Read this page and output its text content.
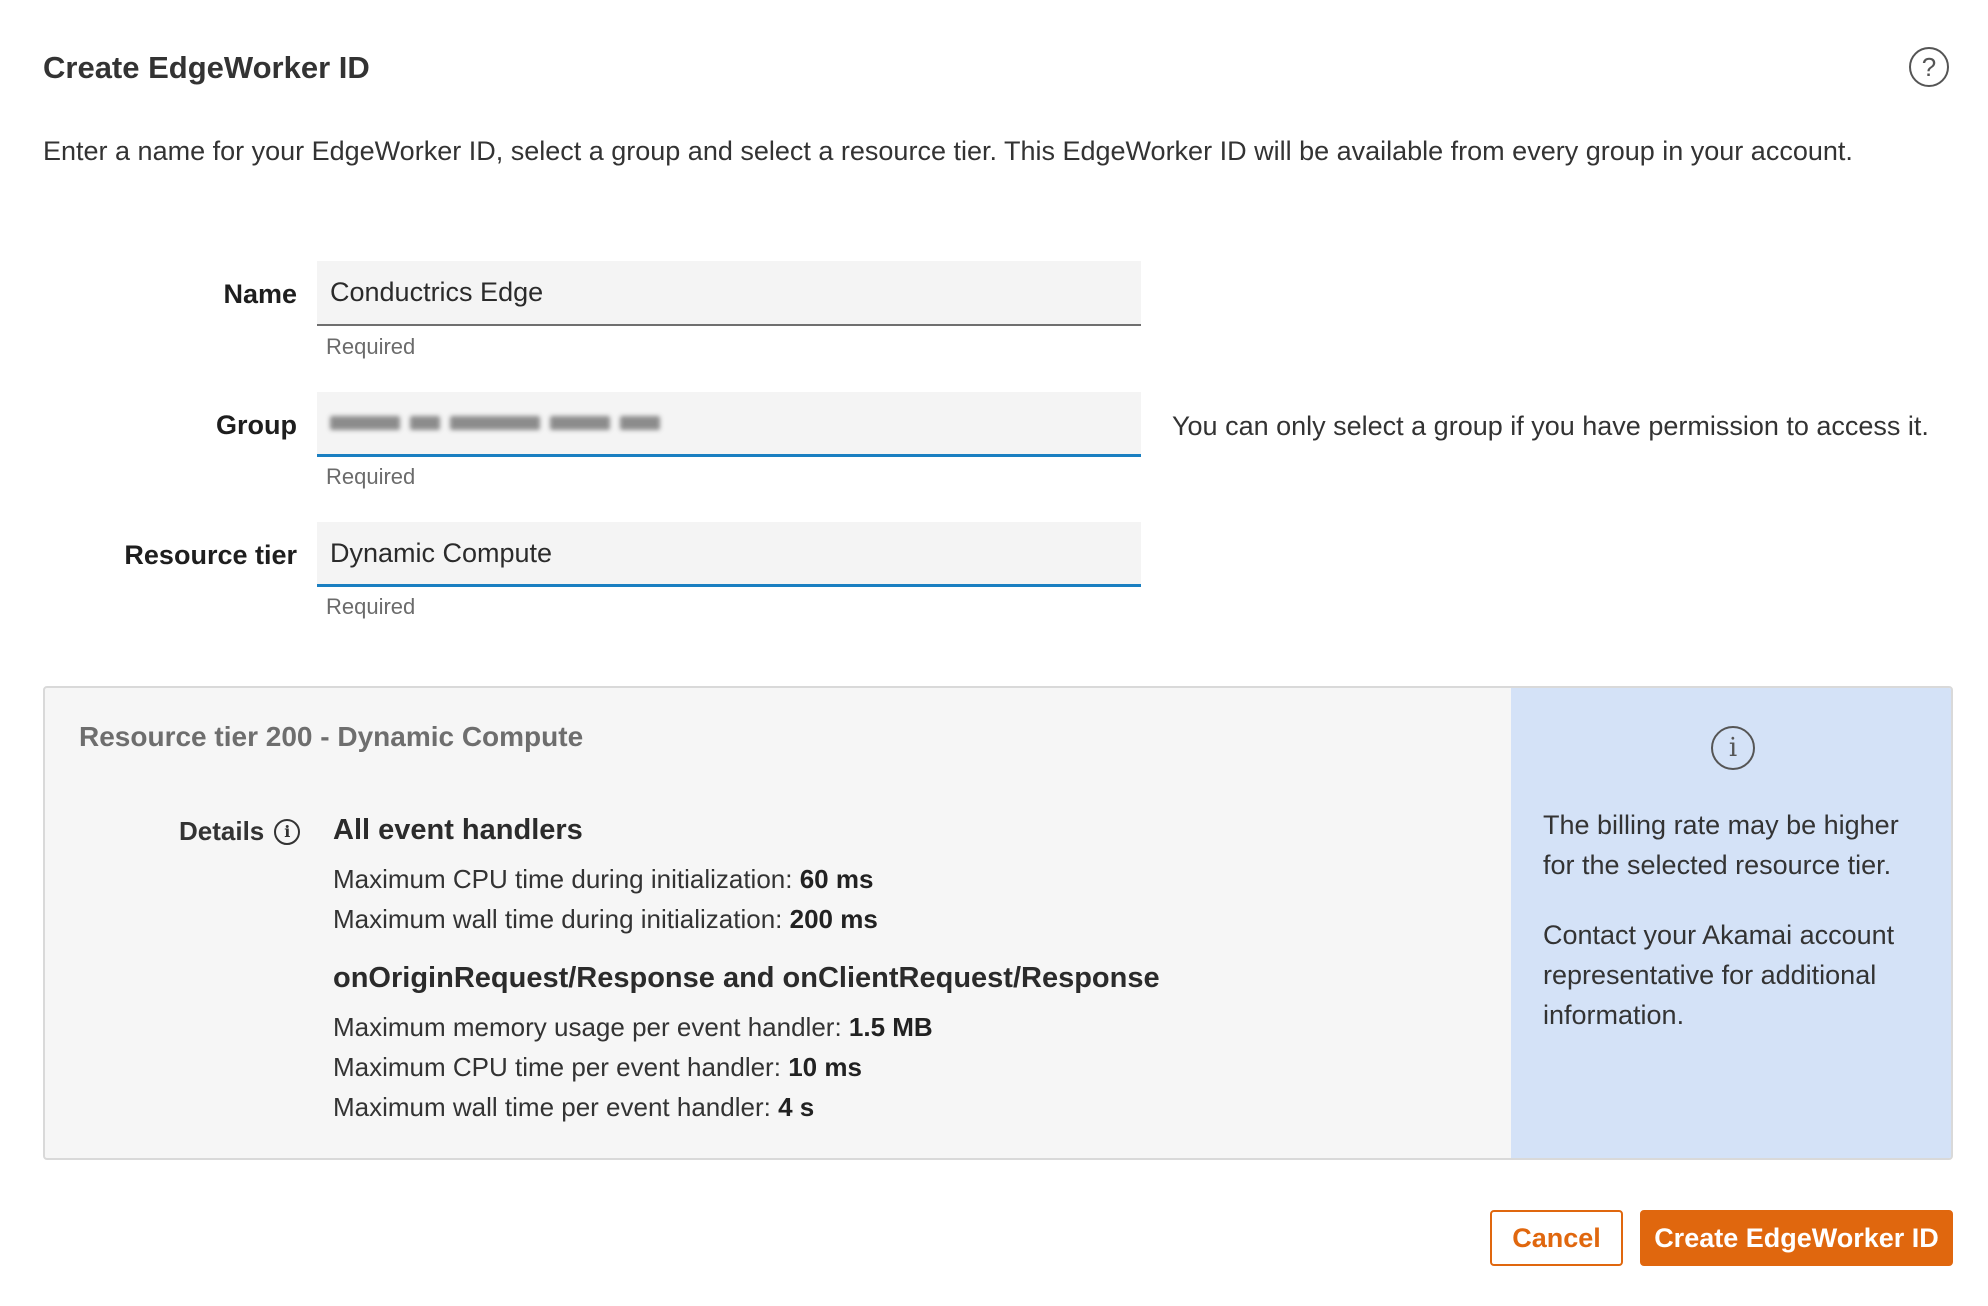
Create EdgeWorker ID	?

Enter a name for your EdgeWorker ID, select a group and select a resource tier. This EdgeWorker ID will be available from every group in your account.

Name Conductrics Edge
Required
Group
Required
You can only select a group if you have permission to access it.
Resource tier Dynamic Compute
Required
Resource tier 200 - Dynamic Compute
Details	i	All event handlers
Maximum CPU time during initialization: 60 ms
Maximum wall time during initialization: 200 ms
onOriginRequest/Response and onClientRequest/Response
Maximum memory usage per event handler: 1.5 MB
Maximum CPU time per event handler: 10 ms
Maximum wall time per event handler: 4 s
i

The billing rate may be higher for the selected resource tier.

Contact your Akamai account representative for additional information.

Cancel	Create EdgeWorker ID
